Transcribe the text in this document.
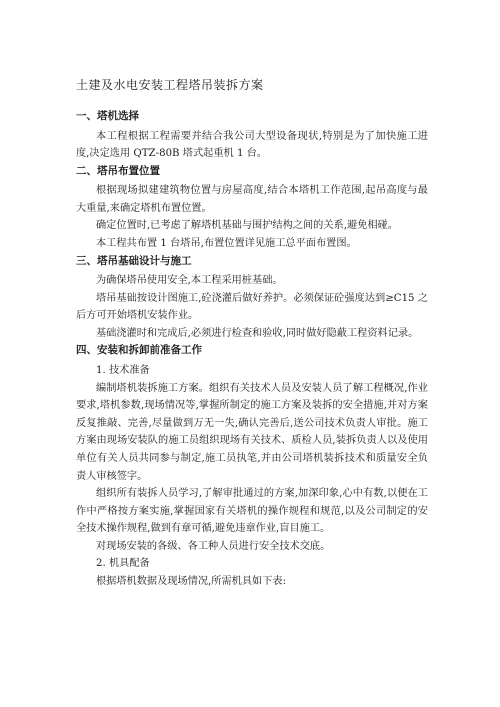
土建及水电安装工程塔吊装拆方案
一、塔机选择
本工程根据工程需要并结合我公司大型设备现状,特别是为了加快施工进度,决定选用 QTZ-80B 塔式起重机 1 台。
二、塔吊布置位置
根据现场拟建建筑物位置与房屋高度,结合本塔机工作范围,起吊高度与最大重量,来确定塔机布置位置。
确定位置时,已考虑了解塔机基础与围护结构之间的关系,避免相碰。
本工程共布置 1 台塔吊,布置位置详见施工总平面布置图。
三、塔吊基础设计与施工
为确保塔吊使用安全,本工程采用桩基础。
塔吊基础按设计图施工,砼浇灌后做好养护。必须保证砼强度达到≥C15 之后方可开始塔机安装作业。
基础浇灌时和完成后,必须进行检查和验收,同时做好隐蔽工程资料记录。
四、安装和拆卸前准备工作
1. 技术准备
编制塔机装拆施工方案。组织有关技术人员及安装人员了解工程概况,作业要求,塔机参数,现场情况等,掌握所制定的施工方案及装拆的安全措施,并对方案反复推敲、完善,尽量做到万无一失,确认完善后,送公司技术负责人审批。施工方案由现场安装队的施工员组织现场有关技术、质检人员,装拆负责人以及使用单位有关人员共同参与制定,施工员执笔,并由公司塔机装拆技术和质量安全负责人审核签字。
组织所有装拆人员学习,了解审批通过的方案,加深印象,心中有数,以便在工作中严格按方案实施,掌握国家有关塔机的操作规程和规范,以及公司制定的安全技术操作规程,做到有章可循,避免违章作业,盲目施工。
对现场安装的各级、各工种人员进行安全技术交底。
2. 机具配备
根据塔机数据及现场情况,所需机具如下表:
